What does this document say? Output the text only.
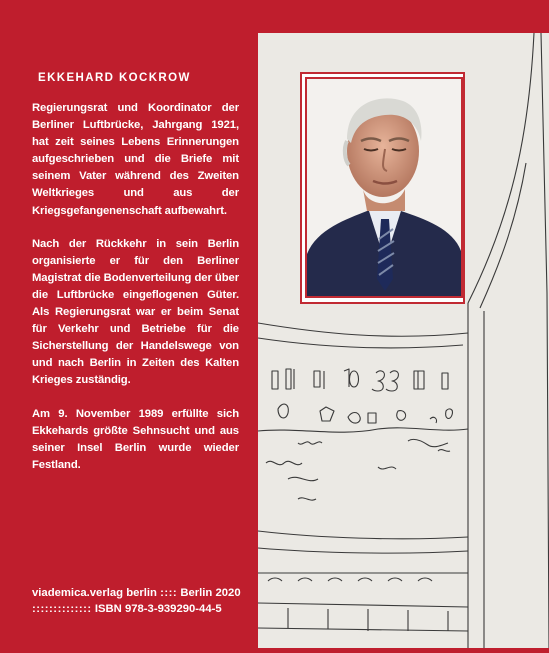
EKKEHARD KOCKROW

Regierungsrat und Koordinator der Berliner Luftbrücke, Jahrgang 1921, hat zeit seines Lebens Erinnerungen aufgeschrieben und die Briefe mit seinem Vater während des Zweiten Weltkrieges und aus der Kriegsgefangenenschaft aufbewahrt.

Nach der Rückkehr in sein Berlin organisierte er für den Berliner Magistrat die Bodenverteilung der über die Luftbrücke eingeflogenen Güter. Als Regierungsrat war er beim Senat für Verkehr und Betriebe für die Sicherstellung der Handelswege von und nach Berlin in Zeiten des Kalten Krieges zuständig.

Am 9. November 1989 erfüllte sich Ekkehards größte Sehnsucht und aus seiner Insel Berlin wurde wieder Festland.

viademica.verlag berlin :::: Berlin 2020
:::::::::::::: ISBN 978-3-939290-44-5
